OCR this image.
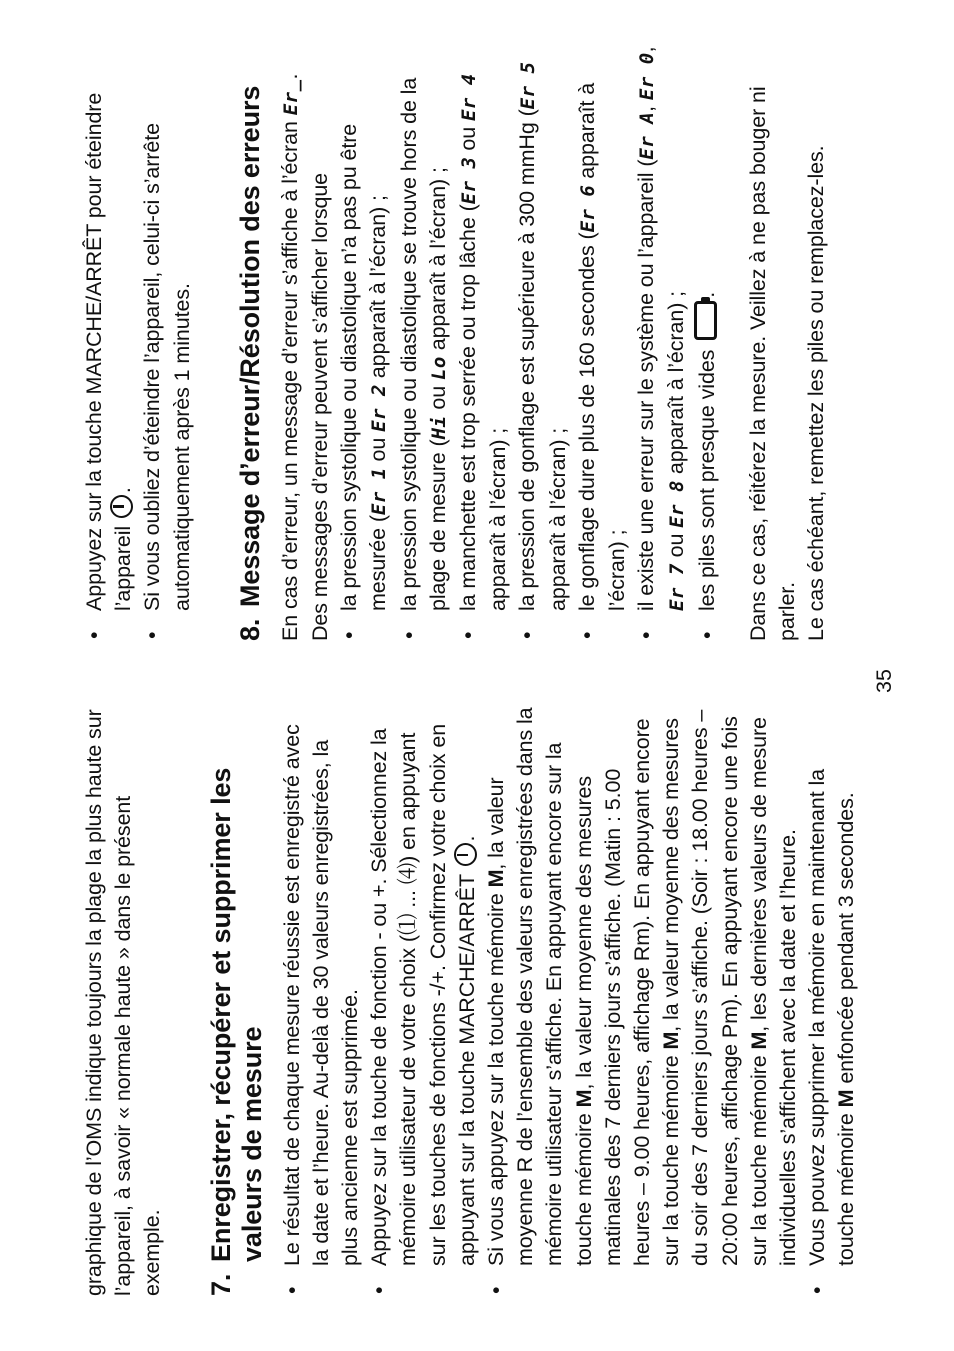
graphique de l’OMS indique toujours la plage la plus haute sur l’appareil, à savoir « normale haute » dans le présent exemple. 7.
Enregistrer, récupérer et supprimer les valeurs de mesure • Le résultat de chaque mesure réussie est enregistré avec la date et l’heure. Au-delà de 30 valeurs enregistrées, la plus ancienne est supprimée. • Appuyez sur la touche de fonction - ou +. Sélectionnez la mémoire utilisateur de votre choix (⑴ ... ⑷) en appuyant sur les touches de fonctions -/+. Confirmez votre choix en appuyant sur la touche MARCHE/ARRÊT .
• Si vous appuyez sur la touche mémoire M, la valeur moyenne R de l’ensemble des valeurs enregistrées dans la mémoire utilisateur s’affiche. En appuyant encore sur la touche mémoire M, la valeur moyenne des mesures matinales des 7 derniers jours s’affiche. (Matin : 5.00 heures – 9.00 heures, affichage Rm). En appuyant encore sur la touche mémoire M, la valeur moyenne des mesures du soir des 7 derniers jours s’affiche. (Soir : 18.00 heures – 20:00 heures, affichage Pm). En appuyant encore une fois sur la touche mémoire M, les dernières valeurs de mesure individuelles s’affichent avec la date et l’heure. • Vous pouvez supprimer la mémoire en maintenant la touche mémoire M enfoncée pendant 3 secondes.
• Appuyez sur la touche MARCHE/ARRÊT pour éteindre l’appareil . • Si vous oubliez d’éteindre l’appareil, celui-ci s’arrête automatiquement après 1 minutes.
8.
Message d’erreur/Résolution des erreurs En cas d’erreur, un message d’erreur s’affiche à l’écran Er_. Des messages d’erreur peuvent s’afficher lorsque • la pression systolique ou diastolique n’a pas pu être mesurée (Er 1 ou Er 2 apparaît à l’écran) ; • la pression systolique ou diastolique se trouve hors de la plage de mesure (Hi ou Lo apparaît à l’écran) ; • la manchette est trop serrée ou trop lâche (Er 3 ou Er 4 apparaît à l’écran) ; • la pression de gonflage est supérieure à 300 mmHg (Er 5 apparaît à l’écran) ; • le gonflage dure plus de 160 secondes (Er 6 apparaît à l’écran) ; • il existe une erreur sur le système ou l’appareil (Er A, Er 0, Er 7 ou Er 8 apparaît à l’écran) ; • les piles sont presque vides . Dans ce cas, réitérez la mesure. Veillez à ne pas bouger ni parler. Le cas échéant, remettez les piles ou remplacez-les.

35
